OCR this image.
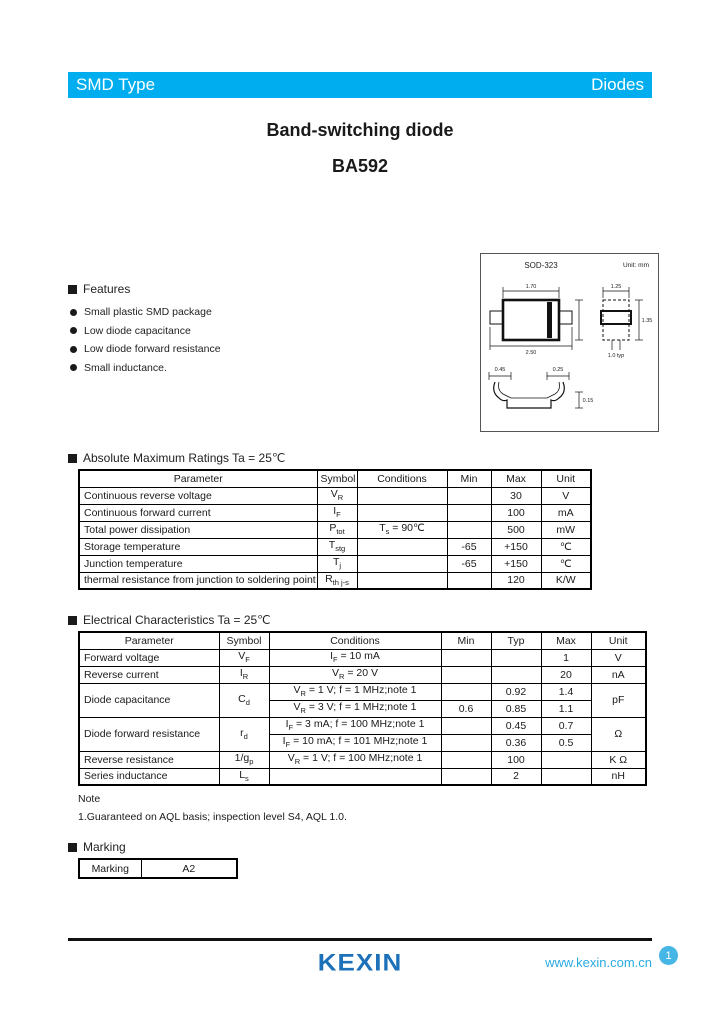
SMD Type	Diodes
Band-switching diode
BA592
SOD-323	Unit: mm
1.70
2.50
1.25
1.35
1.0 typ
0.45	0.25
0.15
Features
Small plastic SMD package
Low diode capacitance
Low diode forward resistance
Small inductance.
Absolute Maximum Ratings Ta = 25℃
Parameter	Symbol	Conditions	Min	Max	Unit
Continuous reverse voltage	$V_R$			30	V
Continuous forward current	$I_F$			100	mA
Total power dissipation	$P_{tot}$	$T_s$ = 90℃		500	mW
Storage temperature	$T_{stg}$		-65	+150	℃
Junction temperature	$T_j$		-65	+150	℃
thermal resistance from junction to soldering point	$R_{th j-s}$			120	K/W
Electrical Characteristics Ta = 25℃
Parameter	Symbol	Conditions	Min	Typ	Max	Unit
Forward voltage	$V_F$	$I_F = 10$ mA			1	V
Reverse current	$I_R$	$V_R = 20$ V			20	nA
Diode capacitance	$C_d$	$V_R = 1$ V; f = 1 MHz;note 1		0.92	1.4	pF
		$V_R = 3$ V; f = 1 MHz;note 1	0.6	0.85	1.1	
Diode forward resistance	$r_d$	$I_F = 3$ mA; f = 100 MHz;note 1		0.45	0.7	Ω
		$I_F = 10$ mA; f = 101 MHz;note 1		0.36	0.5	
Reverse resistance	$1/g_p$	$V_R = 1$ V; f = 100 MHz;note 1		100		K Ω
Series inductance	$L_s$			2		nH
Note
1.Guaranteed on AQL basis; inspection level S4, AQL 1.0.
Marking
Marking	A2
KEXIN	www.kexin.com.cn	1
